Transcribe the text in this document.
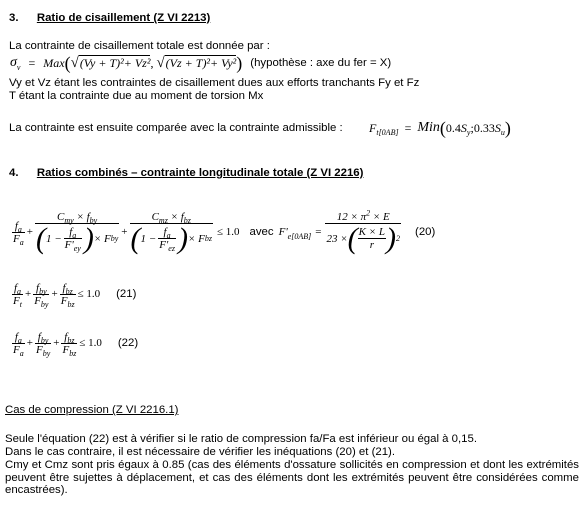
3. Ratio de cisaillement (Z VI 2213)
La contrainte de cisaillement totale est donnée par :
σ v = Max ( √ (Vy + T)²+ Vz² , √ (Vz + T)²+ Vy² ) (hypothèse : axe du fer = X)
Vy et Vz étant les contraintes de cisaillement dues aux efforts tranchants Fy et Fz
T étant la contrainte due au moment de torsion Mx
La contrainte est ensuite comparée avec la contrainte admissible : F t[0AB] = Min ( 0.4 S y ;0.33 S u )
4. Ratios combinés – contrainte longitudinale totale (Z VI 2216)
$\frac{f_a}{F_a} + \frac{C_{my} \times f_{by}}{( 1 - \frac{f_a}{F'_{ey}} ) \times F by} + \frac{C_{mz} \times f_{bz}}{( 1 - \frac{f_a}{F'_{ez}} ) \times F bz} \le 1.0$ avec F' $e[0AB] = \frac{12 \times \pi^2 \times E}{23 \times ( \frac{K \times L}{r} ) 2}$	(20)
$\frac{f_a}{F_t} + \frac{f_{by}}{F_{by}} + \frac{f_{bz}}{F_{bz}} \le 1.0$	(21)
$\frac{f_a}{F_a} + \frac{f_{by}}{F_{by}} + \frac{f_{bz}}{F_{bz}} \le 1.0$	(22)
Cas de compression (Z VI 2216.1)
Seule l'équation (22) est à vérifier si le ratio de compression fa/Fa est inférieur ou égal à 0,15.
Dans le cas contraire, il est nécessaire de vérifier les inéquations (20) et (21).
Cmy et Cmz sont pris égaux à 0.85 (cas des éléments d'ossature sollicités en compression et dont les extrémités peuvent être sujettes à déplacement, et cas des éléments dont les extrémités peuvent être considérées comme encastrées).
